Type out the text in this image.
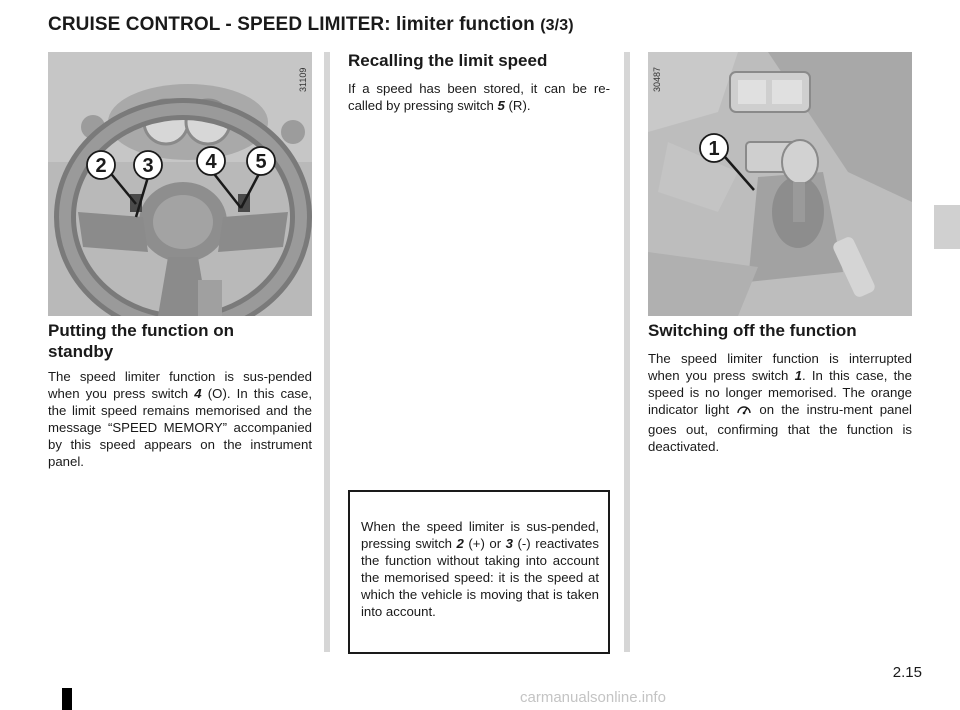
CRUISE CONTROL - SPEED LIMITER: limiter function (3/3)
2 3	4 5
31109
Putting the function on standby

The speed limiter function is sus-pended when you press switch 4 (O). In this case, the limit speed remains memorised and the message “SPEED MEMORY” accompanied by this speed appears on the instrument panel.

Recalling the limit speed

If a speed has been stored, it can be re-called by pressing switch 5 (R).

When the speed limiter is sus-pended, pressing switch 2 (+) or 3 (-) reactivates the function without taking into account the memorised speed: it is the speed at which the vehicle is moving that is taken into account.

1
30487
Switching off the function

The speed limiter function is interrupted when you press switch 1. In this case, the speed is no longer memorised. The orange indicator light  on the instru-ment panel goes out, confirming that the function is deactivated.

2.15
carmanualsonline.info
